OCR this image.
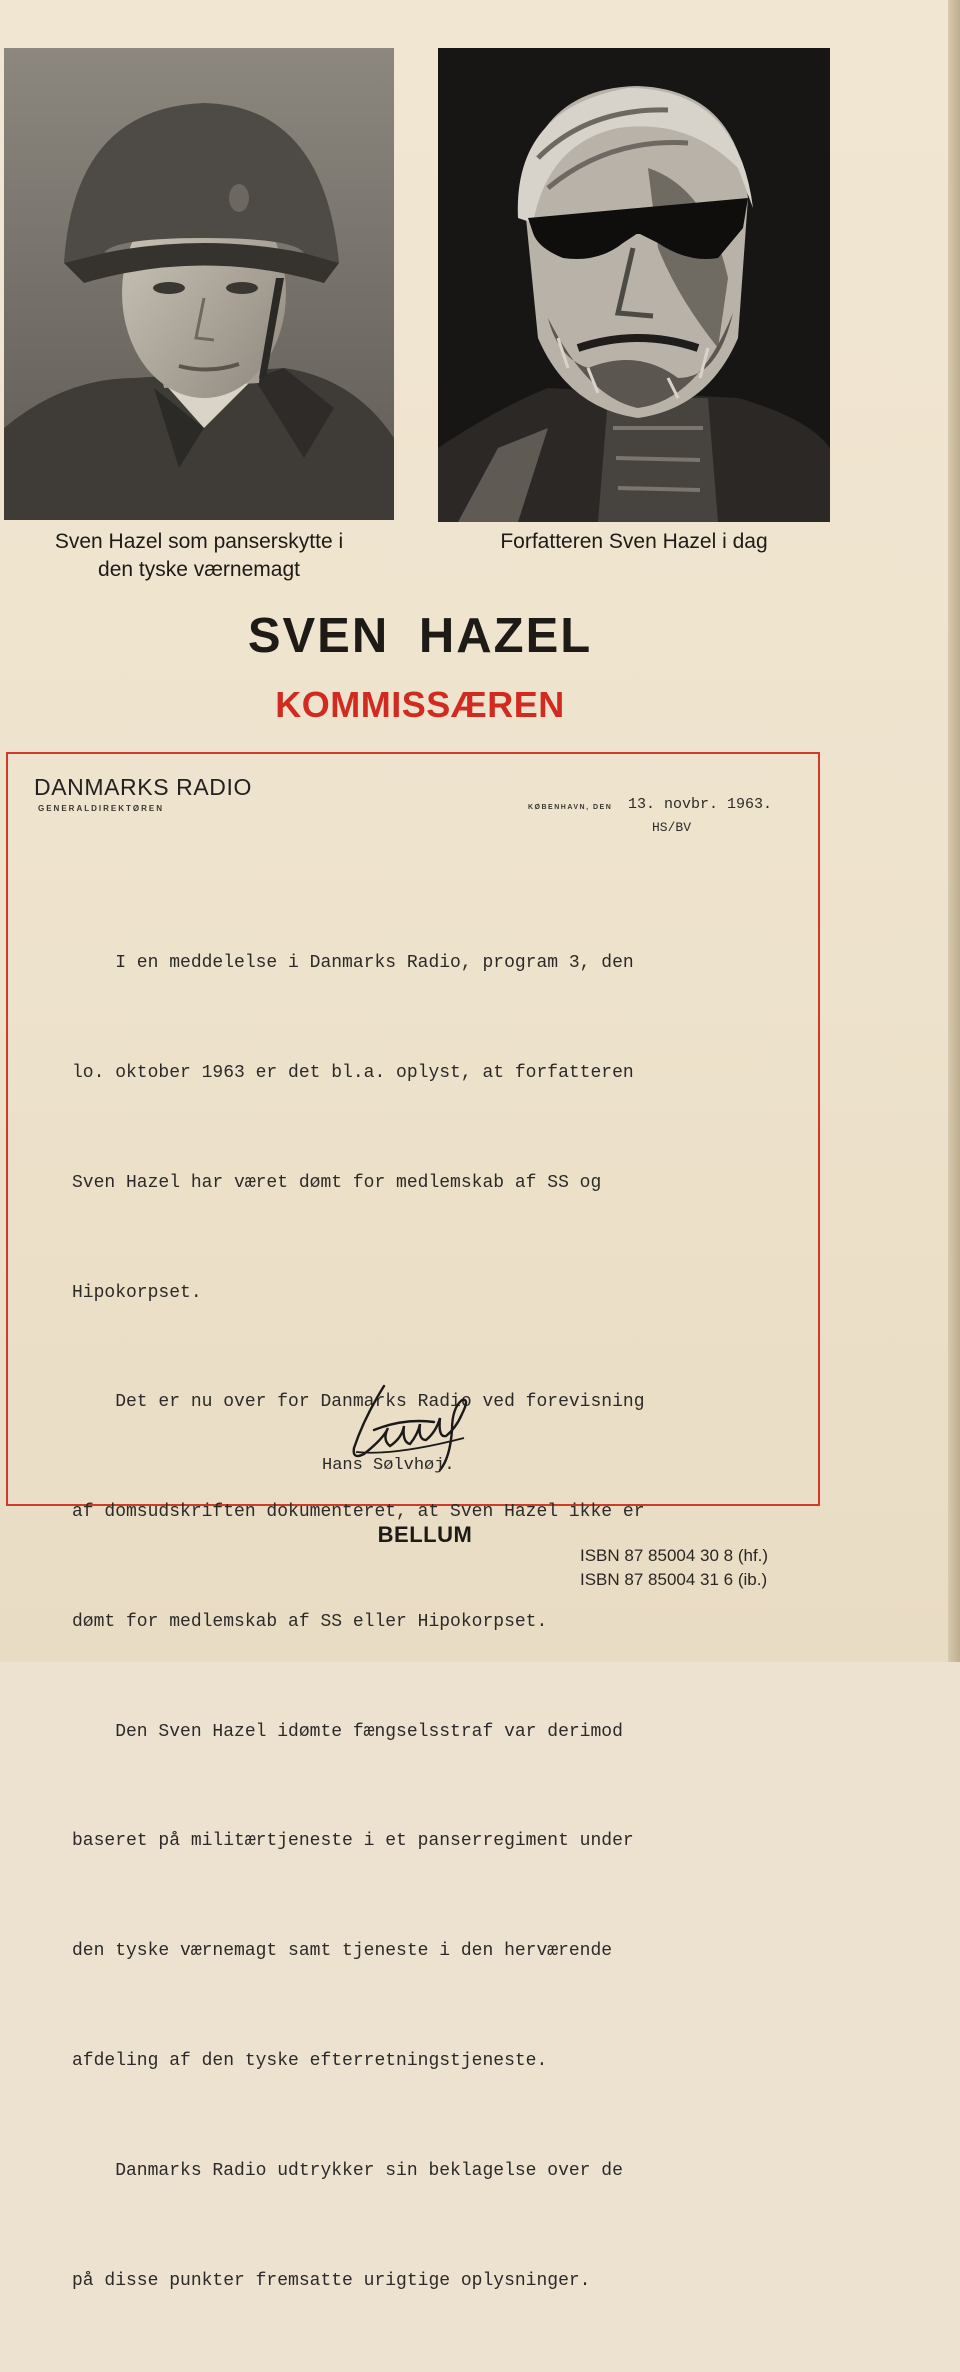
Sven Hazel som panserskytte i
den tyske værnemagt
Forfatteren Sven Hazel i dag
SVEN HAZEL
KOMMISSÆREN
DANMARKS RADIO
GENERALDIREKTØREN	KØBENHAVN, DEN 13. novbr. 1963.
HS/BV

I en meddelelse i Danmarks Radio, program 3, den

lo. oktober 1963 er det bl.a. oplyst, at forfatteren

Sven Hazel har været dømt for medlemskab af SS og

Hipokorpset.

Det er nu over for Danmarks Radio ved forevisning

af domsudskriften dokumenteret, at Sven Hazel ikke er

dømt for medlemskab af SS eller Hipokorpset.

Den Sven Hazel idømte fængselsstraf var derimod

baseret på militærtjeneste i et panserregiment under

den tyske værnemagt samt tjeneste i den herværende

afdeling af den tyske efterretningstjeneste.

Danmarks Radio udtrykker sin beklagelse over de

på disse punkter fremsatte urigtige oplysninger.

Hans Sølvhøj.
BELLUM
ISBN 87 85004 30 8 (hf.)
ISBN 87 85004 31 6 (ib.)
